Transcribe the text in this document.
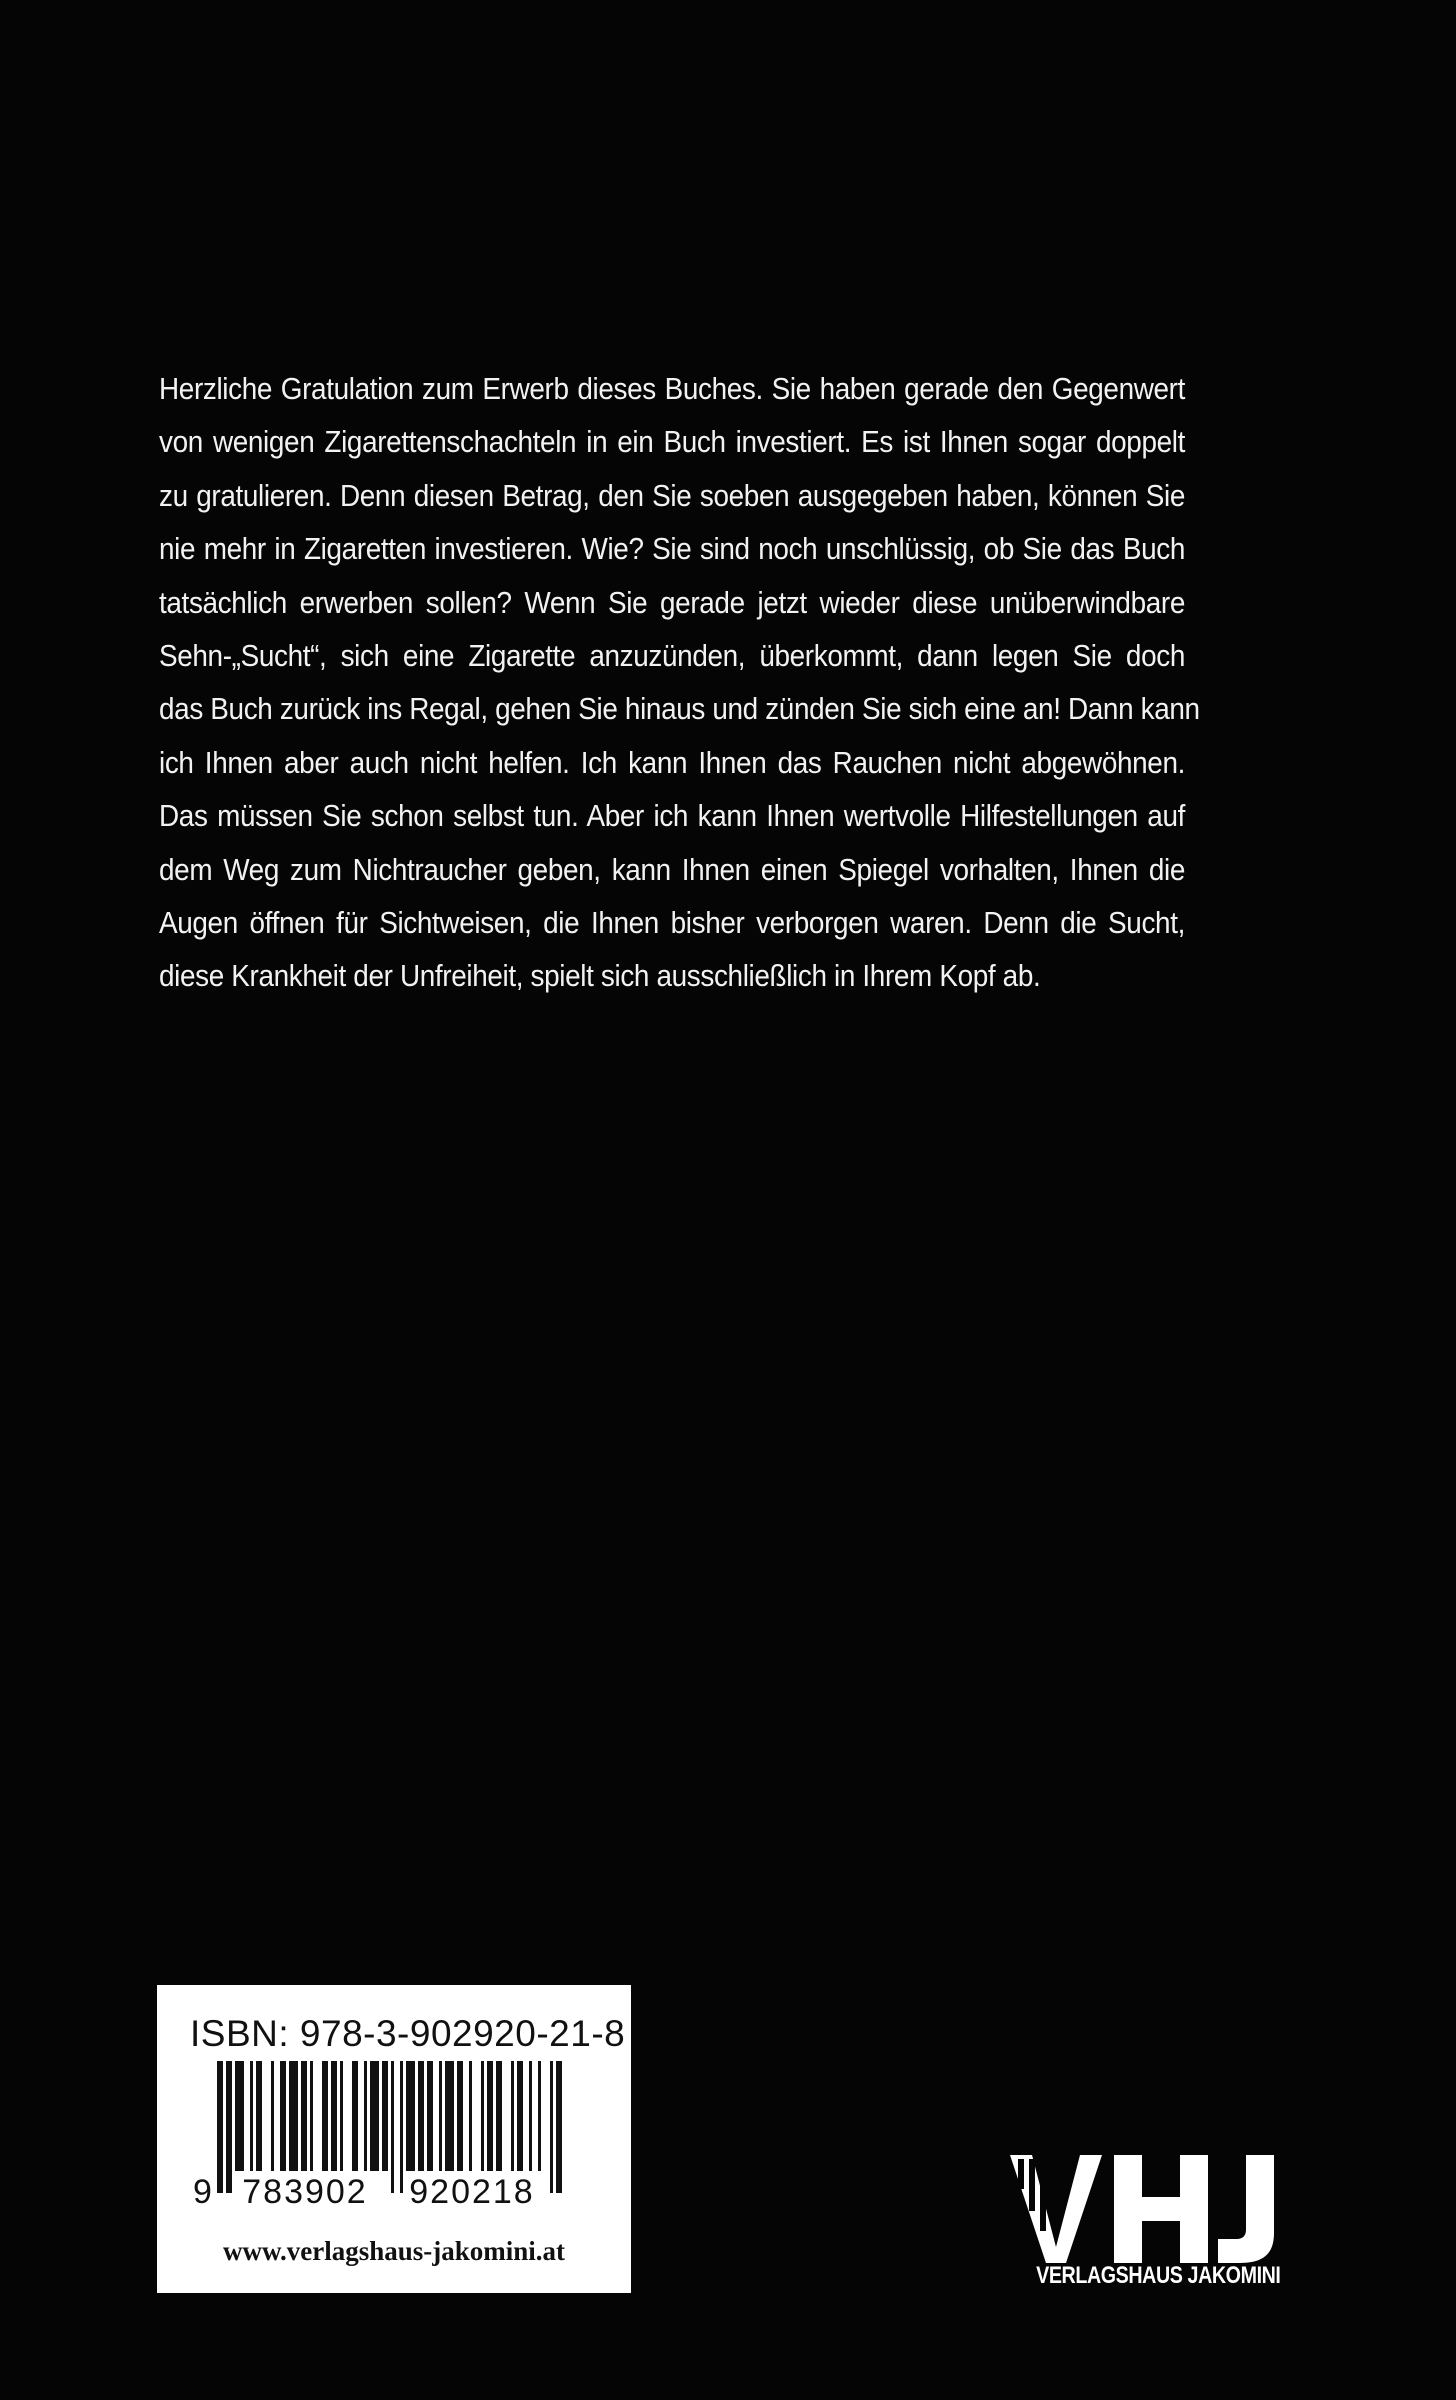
Herzliche Gratulation zum Erwerb dieses Buches. Sie haben gerade den Gegenwert
von wenigen Zigarettenschachteln in ein Buch investiert. Es ist Ihnen sogar doppelt
zu gratulieren. Denn diesen Betrag, den Sie soeben ausgegeben haben, können Sie
nie mehr in Zigaretten investieren. Wie? Sie sind noch unschlüssig, ob Sie das Buch
tatsächlich erwerben sollen? Wenn Sie gerade jetzt wieder diese unüberwindbare
Sehn-„Sucht“, sich eine Zigarette anzuzünden, überkommt, dann legen Sie doch
das Buch zurück ins Regal, gehen Sie hinaus und zünden Sie sich eine an! Dann kann
ich Ihnen aber auch nicht helfen. Ich kann Ihnen das Rauchen nicht abgewöhnen.
Das müssen Sie schon selbst tun. Aber ich kann Ihnen wertvolle Hilfestellungen auf
dem Weg zum Nichtraucher geben, kann Ihnen einen Spiegel vorhalten, Ihnen die
Augen öffnen für Sichtweisen, die Ihnen bisher verborgen waren. Denn die Sucht,
diese Krankheit der Unfreiheit, spielt sich ausschließlich in Ihrem Kopf ab.
ISBN: 978-3-902920-21-8
9 783902	920218
www.verlagshaus-jakomini.at
VERLAGSHAUS JAKOMINI
